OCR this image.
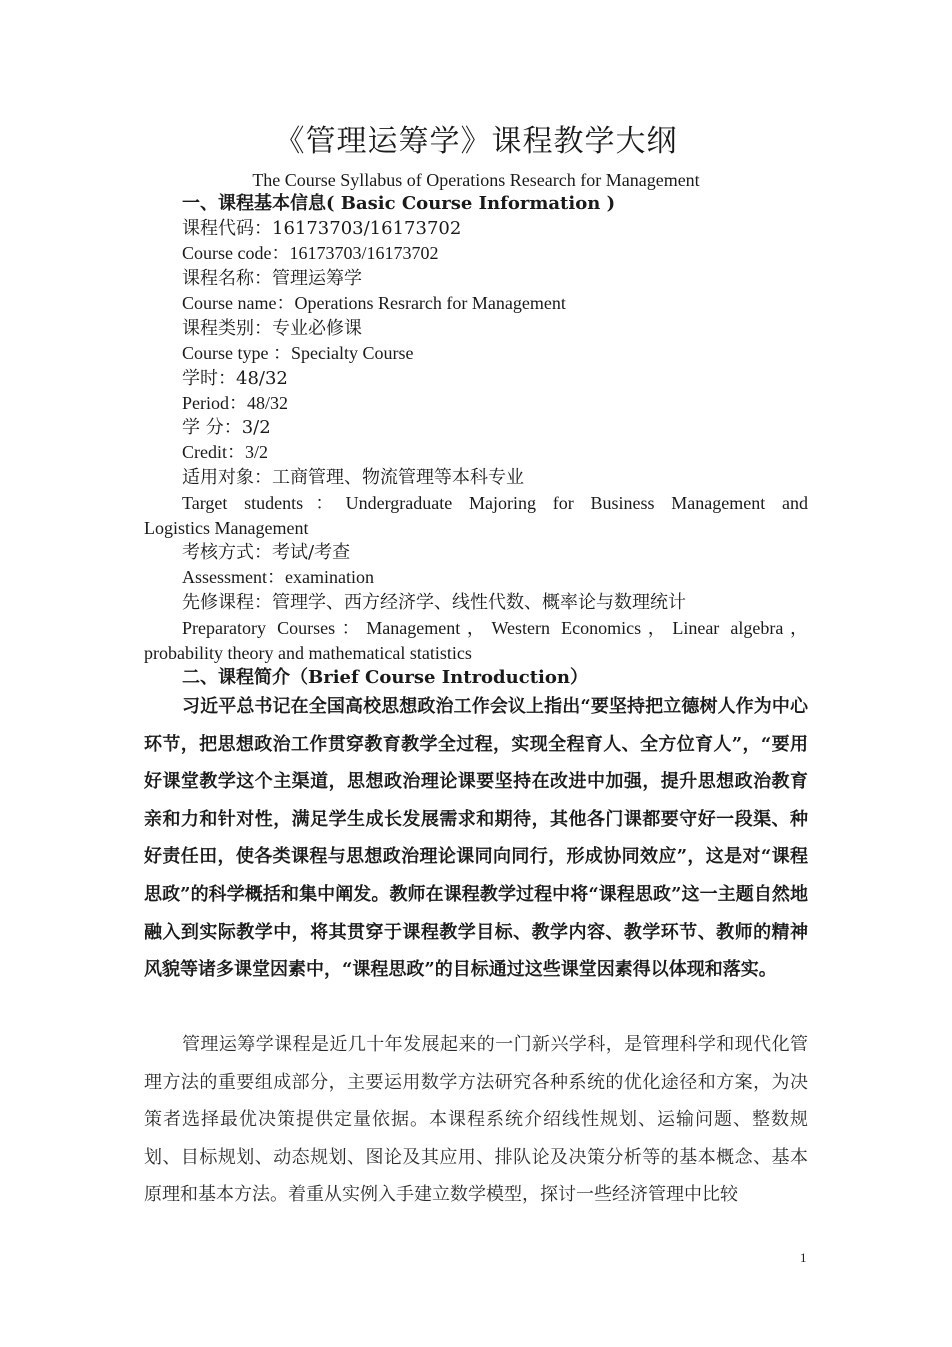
《管理运筹学》课程教学大纲
The Course Syllabus of Operations Research for Management
一、课程基本信息( Basic Course Information )
课程代码：16173703/16173702
Course code：16173703/16173702
课程名称：管理运筹学
Course name：Operations Resrarch for Management
课程类别：专业必修课
Course type ：Specialty Course
学时：48/32
Period：48/32
学 分：3/2
Credit：3/2
适用对象：工商管理、物流管理等本科专业
Target students：Undergraduate Majoring for Business Management and
Logistics Management
考核方式：考试/考查
Assessment：examination
先修课程：管理学、西方经济学、线性代数、概率论与数理统计
Preparatory Courses：Management，Western Economics，Linear algebra，
probability theory and mathematical statistics
二、课程简介（Brief Course Introduction）
习近平总书记在全国高校思想政治工作会议上指出“要坚持把立德树人作为中心环节，把思想政治工作贯穿教育教学全过程，实现全程育人、全方位育人”，“要用好课堂教学这个主渠道，思想政治理论课要坚持在改进中加强，提升思想政治教育亲和力和针对性，满足学生成长发展需求和期待，其他各门课都要守好一段渠、种好责任田，使各类课程与思想政治理论课同向同行，形成协同效应”，这是对“课程思政”的科学概括和集中阐发。教师在课程教学过程中将“课程思政”这一主题自然地融入到实际教学中，将其贯穿于课程教学目标、教学内容、教学环节、教师的精神风貌等诸多课堂因素中，“课程思政”的目标通过这些课堂因素得以体现和落实。
管理运筹学课程是近几十年发展起来的一门新兴学科，是管理科学和现代化管理方法的重要组成部分，主要运用数学方法研究各种系统的优化途径和方案，为决策者选择最优决策提供定量依据。本课程系统介绍线性规划、运输问题、整数规划、目标规划、动态规划、图论及其应用、排队论及决策分析等的基本概念、基本原理和基本方法。着重从实例入手建立数学模型，探讨一些经济管理中比较
1
